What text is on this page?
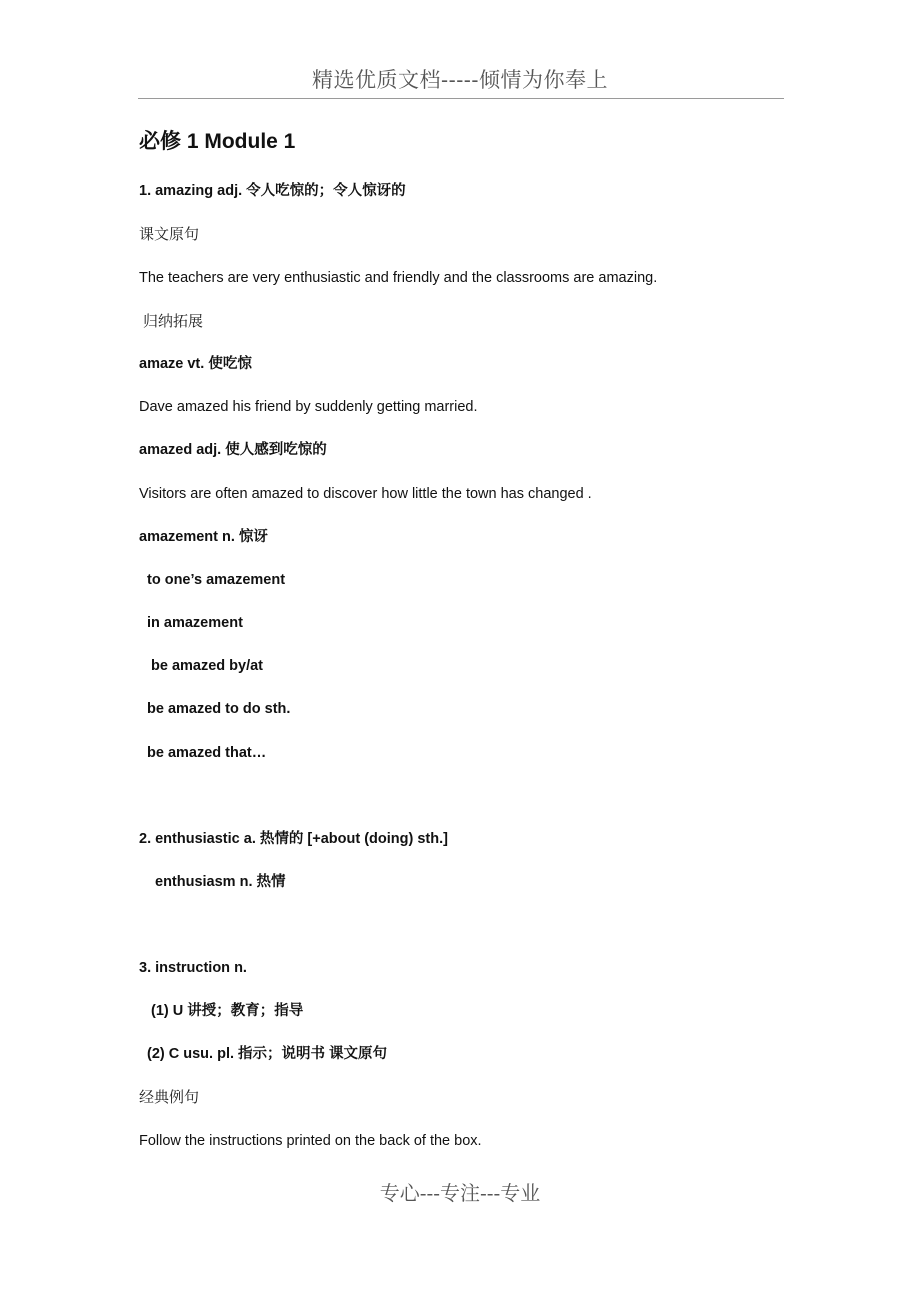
精选优质文档-----倾情为你奉上
必修 1 Module 1
1. amazing adj. 令人吃惊的；令人惊讶的
课文原句
The teachers are very enthusiastic and friendly and the classrooms are amazing.
归纳拓展
amaze vt. 使吃惊
Dave amazed his friend by suddenly getting married.
amazed adj. 使人感到吃惊的
Visitors are often amazed to discover how little the town has changed .
amazement n. 惊讶
to one’s amazement
in amazement
be amazed by/at
be amazed to do sth.
be amazed that…
2. enthusiastic a. 热情的 [+about (doing) sth.]
enthusiasm n. 热情
3. instruction n.
(1) U 讲授；教育；指导
(2) C usu. pl. 指示；说明书 课文原句
经典例句
Follow the instructions printed on the back of the box.
专心---专注---专业
